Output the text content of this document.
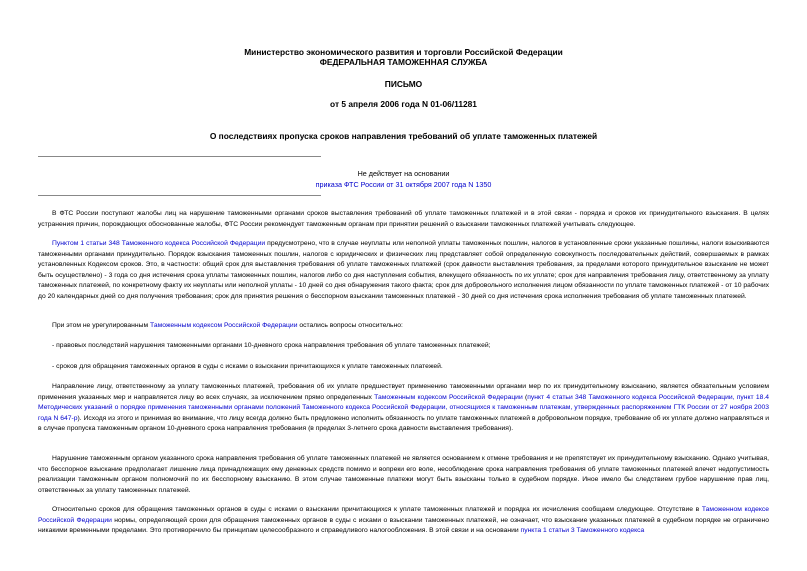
Министерство экономического развития и торговли Российской Федерации
ФЕДЕРАЛЬНАЯ ТАМОЖЕННАЯ СЛУЖБА
ПИСЬМО
от 5 апреля 2006 года N 01-06/11281
О последствиях пропуска сроков направления требований об уплате таможенных платежей
Не действует на основании
приказа ФТС России от 31 октября 2007 года N 1350
В ФТС России поступают жалобы лиц на нарушение таможенными органами сроков выставления требований об уплате таможенных платежей и в этой связи - порядка и сроков их принудительного взыскания. В целях устранения причин, порождающих обоснованные жалобы, ФТС России рекомендует таможенным органам при принятии решений о взыскании таможенных платежей учитывать следующее.
Пунктом 1 статьи 348 Таможенного кодекса Российской Федерации предусмотрено, что в случае неуплаты или неполной уплаты таможенных пошлин, налогов в установленные сроки указанные пошлины, налоги взыскиваются таможенными органами принудительно. Порядок взыскания таможенных пошлин, налогов с юридических и физических лиц представляет собой определенную совокупность последовательных действий, совершаемых в рамках установленных Кодексом сроков. Это, в частности: общий срок для выставления требования об уплате таможенных платежей (срок давности выставления требования, за пределами которого принудительное взыскание не может быть осуществлено) - 3 года со дня истечения срока уплаты таможенных пошлин, налогов либо со дня наступления события, влекущего обязанность по их уплате; срок для направления требования лицу, ответственному за уплату таможенных платежей, по конкретному факту их неуплаты или неполной уплаты - 10 дней со дня обнаружения такого факта; срок для добровольного исполнения лицом обязанности по уплате таможенных платежей - от 10 рабочих до 20 календарных дней со дня получения требования; срок для принятия решения о бесспорном взыскании таможенных платежей - 30 дней со дня истечения срока исполнения требования об уплате таможенных платежей.
При этом не урегулированным Таможенным кодексом Российской Федерации остались вопросы относительно:
- правовых последствий нарушения таможенными органами 10-дневного срока направления требования об уплате таможенных платежей;
- сроков для обращения таможенных органов в суды с исками о взыскании причитающихся к уплате таможенных платежей.
Направление лицу, ответственному за уплату таможенных платежей, требования об их уплате предшествует применению таможенными органами мер по их принудительному взысканию, является обязательным условием применения указанных мер и направляется лицу во всех случаях, за исключением прямо определенных Таможенным кодексом Российской Федерации (пункт 4 статьи 348 Таможенного кодекса Российской Федерации, пункт 18.4 Методических указаний о порядке применения таможенными органами положений Таможенного кодекса Российской Федерации, относящихся к таможенным платежам, утвержденных распоряжением ГТК России от 27 ноября 2003 года N 647-р). Исходя из этого и принимая во внимание, что лицу всегда должно быть предложено исполнить обязанность по уплате таможенных платежей в добровольном порядке, требование об их уплате должно направляться и в случае пропуска таможенным органом 10-дневного срока направления требования (в пределах 3-летнего срока давности выставления требования).
Нарушение таможенным органом указанного срока направления требования об уплате таможенных платежей не является основанием к отмене требования и не препятствует их принудительному взысканию. Однако учитывая, что бесспорное взыскание предполагает лишение лица принадлежащих ему денежных средств помимо и вопреки его воле, несоблюдение срока направления требования об уплате таможенных платежей влечет недопустимость реализации таможенным органом полномочий по их бесспорному взысканию. В этом случае таможенные платежи могут быть взысканы только в судебном порядке. Иное имело бы следствием грубое нарушение прав лиц, ответственных за уплату таможенных платежей.
Относительно сроков для обращения таможенных органов в суды с исками о взыскании причитающихся к уплате таможенных платежей и порядка их исчисления сообщаем следующее. Отсутствие в Таможенном кодексе Российской Федерации нормы, определяющей сроки для обращения таможенных органов в суды с исками о взыскании таможенных платежей, не означает, что взыскание указанных платежей в судебном порядке не ограничено никакими временными пределами. Это противоречило бы принципам целесообразного и справедливого налогообложения. В этой связи и на основании пункта 1 статьи 3 Таможенного кодекса
